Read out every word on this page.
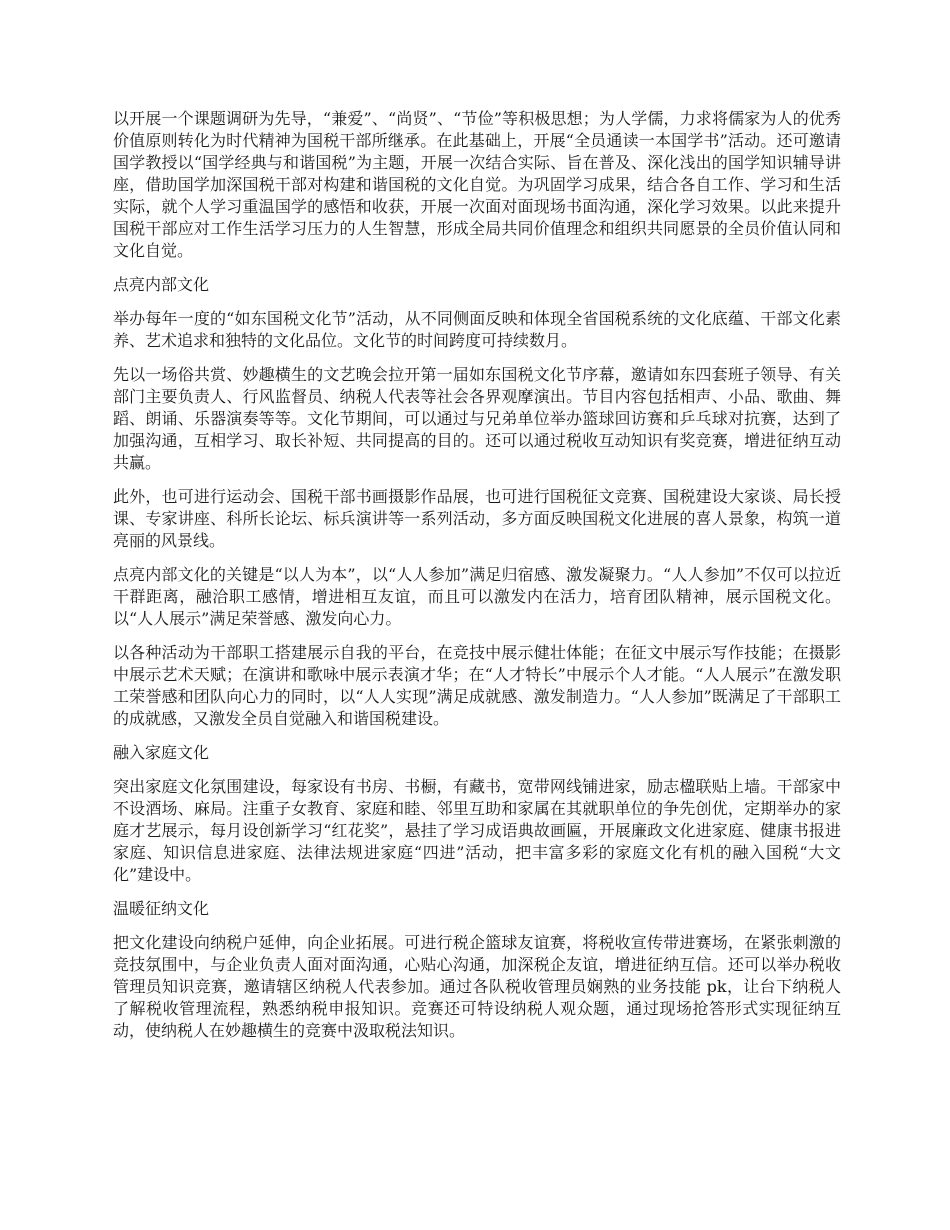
以开展一个课题调研为先导，“兼爱”、“尚贤”、“节俭”等积极思想；为人学儒，力求将儒家为人的优秀价值原则转化为时代精神为国税干部所继承。在此基础上，开展“全员通读一本国学书”活动。还可邀请国学教授以“国学经典与和谐国税”为主题，开展一次结合实际、旨在普及、深化浅出的国学知识辅导讲座，借助国学加深国税干部对构建和谐国税的文化自觉。为巩固学习成果，结合各自工作、学习和生活实际，就个人学习重温国学的感悟和收获，开展一次面对面现场书面沟通，深化学习效果。以此来提升国税干部应对工作生活学习压力的人生智慧，形成全局共同价值理念和组织共同愿景的全员价值认同和文化自觉。

点亮内部文化

举办每年一度的“如东国税文化节”活动，从不同侧面反映和体现全省国税系统的文化底蕴、干部文化素养、艺术追求和独特的文化品位。文化节的时间跨度可持续数月。

先以一场俗共赏、妙趣横生的文艺晚会拉开第一届如东国税文化节序幕，邀请如东四套班子领导、有关部门主要负责人、行风监督员、纳税人代表等社会各界观摩演出。节目内容包括相声、小品、歌曲、舞蹈、朗诵、乐器演奏等等。文化节期间，可以通过与兄弟单位举办篮球回访赛和乒乓球对抗赛，达到了加强沟通，互相学习、取长补短、共同提高的目的。还可以通过税收互动知识有奖竞赛，增进征纳互动共赢。

此外，也可进行运动会、国税干部书画摄影作品展，也可进行国税征文竞赛、国税建设大家谈、局长授课、专家讲座、科所长论坛、标兵演讲等一系列活动，多方面反映国税文化进展的喜人景象，构筑一道亮丽的风景线。

点亮内部文化的关键是“以人为本”，以“人人参加”满足归宿感、激发凝聚力。“人人参加”不仅可以拉近干群距离，融洽职工感情，增进相互友谊，而且可以激发内在活力，培育团队精神，展示国税文化。以“人人展示”满足荣誉感、激发向心力。

以各种活动为干部职工搭建展示自我的平台，在竞技中展示健壮体能；在征文中展示写作技能；在摄影中展示艺术天赋；在演讲和歌咏中展示表演才华；在“人才特长”中展示个人才能。“人人展示”在激发职工荣誉感和团队向心力的同时，以“人人实现”满足成就感、激发制造力。“人人参加”既满足了干部职工的成就感，又激发全员自觉融入和谐国税建设。

融入家庭文化

突出家庭文化氛围建设，每家设有书房、书橱，有藏书，宽带网线铺进家，励志楹联贴上墙。干部家中不设酒场、麻局。注重子女教育、家庭和睦、邻里互助和家属在其就职单位的争先创优，定期举办的家庭才艺展示，每月设创新学习“红花奖”，悬挂了学习成语典故画匾，开展廉政文化进家庭、健康书报进家庭、知识信息进家庭、法律法规进家庭“四进”活动，把丰富多彩的家庭文化有机的融入国税“大文化”建设中。

温暖征纳文化

把文化建设向纳税户延伸，向企业拓展。可进行税企篮球友谊赛，将税收宣传带进赛场，在紧张刺激的竞技氛围中，与企业负责人面对面沟通，心贴心沟通，加深税企友谊，增进征纳互信。还可以举办税收管理员知识竞赛，邀请辖区纳税人代表参加。通过各队税收管理员娴熟的业务技能 pk，让台下纳税人了解税收管理流程，熟悉纳税申报知识。竞赛还可特设纳税人观众题，通过现场抢答形式实现征纳互动，使纳税人在妙趣横生的竞赛中汲取税法知识。
